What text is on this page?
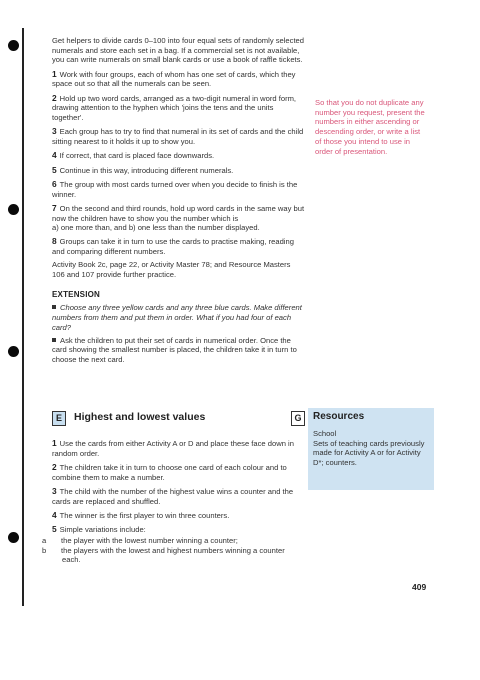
Get helpers to divide cards 0–100 into four equal sets of randomly selected numerals and store each set in a bag. If a commercial set is not available, you can write numerals on small blank cards or use a book of raffle tickets.

1 Work with four groups, each of whom has one set of cards, which they space out so that all the numerals can be seen.

2 Hold up two word cards, arranged as a two-digit numeral in word form, drawing attention to the hyphen which 'joins the tens and the units together'.

3 Each group has to try to find that numeral in its set of cards and the child sitting nearest to it holds it up to show you.

4 If correct, that card is placed face downwards.

5 Continue in this way, introducing different numerals.

6 The group with most cards turned over when you decide to finish is the winner.

7 On the second and third rounds, hold up word cards in the same way but now the children have to show you the number which is
a) one more than, and b) one less than the number displayed.

8 Groups can take it in turn to use the cards to practise making, reading and comparing different numbers.

Activity Book 2c, page 22, or Activity Master 78; and Resource Masters 106 and 107 provide further practice.

EXTENSION

Choose any three yellow cards and any three blue cards. Make different numbers from them and put them in order. What if you had four of each card?

Ask the children to put their set of cards in numerical order. Once the card showing the smallest number is placed, the children take it in turn to choose the next card.

So that you do not duplicate any number you request, present the numbers in either ascending or descending order, or write a list of those you intend to use in order of presentation.
E	Highest and lowest values	G

1 Use the cards from either Activity A or D and place these face down in random order.

2 The children take it in turn to choose one card of each colour and to combine them to make a number.

3 The child with the number of the highest value wins a counter and the cards are replaced and shuffled.

4 The winner is the first player to win three counters.

5 Simple variations include:

a the player with the lowest number winning a counter;
b the players with the lowest and highest numbers winning a counter each.

Resources

School
Sets of teaching cards previously made for Activity A or for Activity D*; counters.
409
